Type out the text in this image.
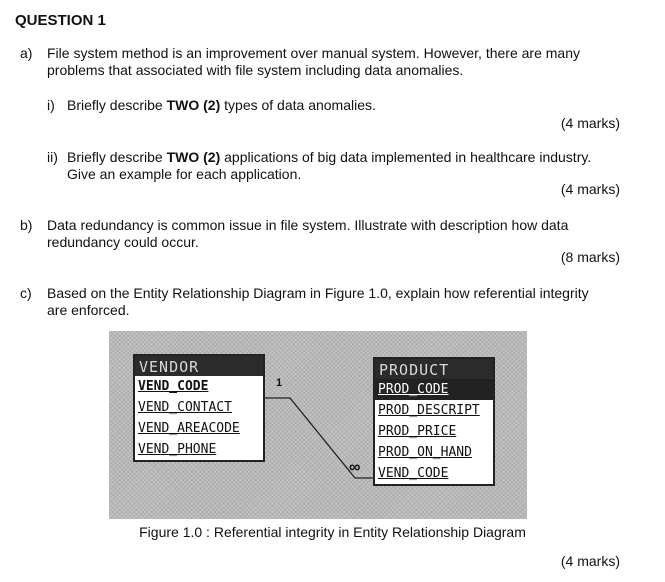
QUESTION 1
a) File system method is an improvement over manual system. However, there are many
problems that associated with file system including data anomalies.
i) Briefly describe TWO (2) types of data anomalies.
(4 marks)
ii) Briefly describe TWO (2) applications of big data implemented in healthcare industry.
Give an example for each application.
(4 marks)
b) Data redundancy is common issue in file system. Illustrate with description how data
redundancy could occur.
(8 marks)
c) Based on the Entity Relationship Diagram in Figure 1.0, explain how referential integrity
are enforced.
VENDOR
VEND_CODE
VEND_CONTACT
VEND_AREACODE
VEND_PHONE
PRODUCT
PROD_CODE
PROD_DESCRIPT
PROD_PRICE
PROD_ON_HAND
VEND_CODE
1
∞
Figure 1.0 : Referential integrity in Entity Relationship Diagram
(4 marks)
